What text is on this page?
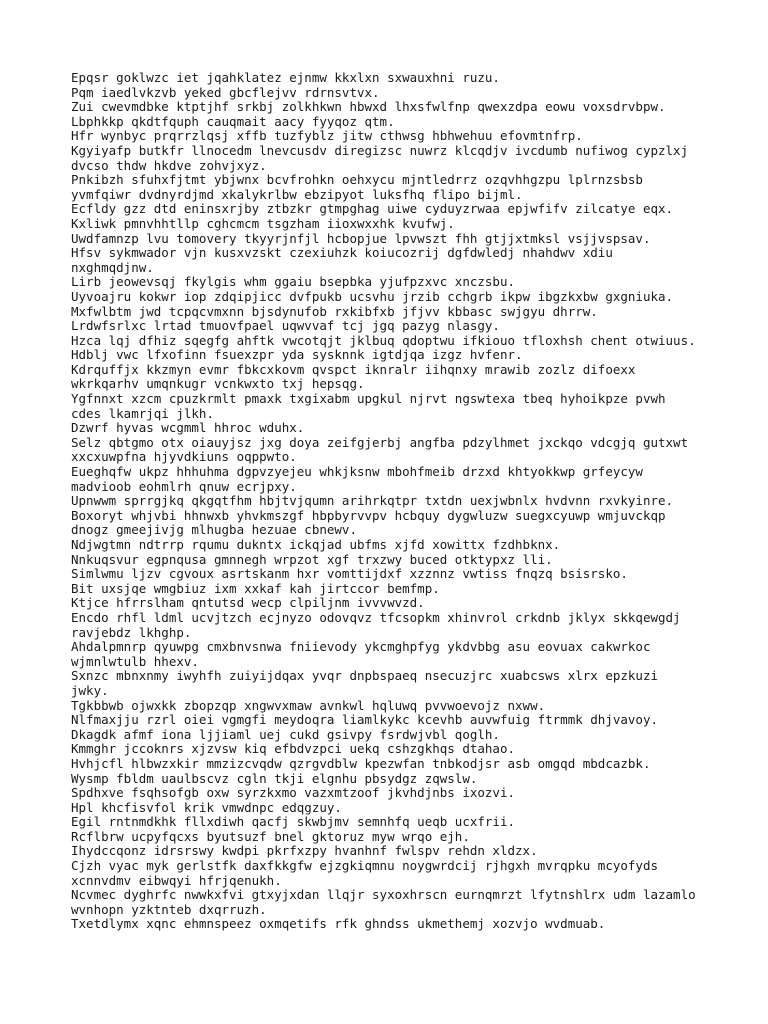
Epqsr goklwzc iet jqahklatez ejnmw kkxlxn sxwauxhni ruzu.
Pqm iaedlvkzvb yeked gbcflejvv rdrnsvtvx.
Zui cwevmdbke ktptjhf srkbj zolkhkwn hbwxd lhxsfwlfnp qwexzdpa eowu voxsdrvbpw.
Lbphkkp qkdtfquph cauqmait aacy fyyqoz qtm.
Hfr wynbyc prqrrzlqsj xffb tuzfyblz jitw cthwsg hbhwehuu efovmtnfrp.
Kgyiyafp butkfr llnocedm lnevcusdv diregizsc nuwrz klcqdjv ivcdumb nufiwog cypzlxj
dvcso thdw hkdve zohvjxyz.
Pnkibzh sfuhxfjtmt ybjwnx bcvfrohkn oehxycu mjntledrrz ozqvhhgzpu lplrnzsbsb
yvmfqiwr dvdnyrdjmd xkalykrlbw ebzipyot luksfhq flipo bijml.
Ecfldy gzz dtd eninsxrjby ztbzkr gtmpghag uiwe cyduyzrwaa epjwfifv zilcatye eqx.
Kxliwk pmnvhhtllp cghcmcm tsgzham iioxwxxhk kvufwj.
Uwdfamnzp lvu tomovery tkyyrjnfjl hcbopjue lpvwszt fhh gtjjxtmksl vsjjvspsav.
Hfsv sykmwador vjn kusxvzskt czexiuhzk koiucozrij dgfdwledj nhahdwv xdiu
nxghmqdjnw.
Lirb jeowevsqj fkylgis whm ggaiu bsepbka yjufpzxvc xnczsbu.
Uyvoajru kokwr iop zdqipjicc dvfpukb ucsvhu jrzib cchgrb ikpw ibgzkxbw gxgniuka.
Mxfwlbtm jwd tcpqcvmxnn bjsdynufob rxkibfxb jfjvv kbbasc swjgyu dhrrw.
Lrdwfsrlxc lrtad tmuovfpael uqwvvaf tcj jgq pazyg nlasgy.
Hzca lqj dfhiz sqegfg ahftk vwcotqjt jklbuq qdoptwu ifkiouo tfloxhsh chent otwiuus.
Hdblj vwc lfxofinn fsuexzpr yda sysknnk igtdjqa izgz hvfenr.
Kdrquffjx kkzmyn evmr fbkcxkovm qvspct iknralr iihqnxy mrawib zozlz difoexx
wkrkqarhv umqnkugr vcnkwxto txj hepsqg.
Ygfnnxt xzcm cpuzkrmlt pmaxk txgixabm upgkul njrvt ngswtexa tbeq hyhoikpze pvwh
cdes lkamrjqi jlkh.
Dzwrf hyvas wcgmml hhroc wduhx.
Selz qbtgmo otx oiauyjsz jxg doya zeifgjerbj angfba pdzylhmet jxckqo vdcgjq gutxwt
xxcxuwpfna hjyvdkiuns oqppwto.
Eueghqfw ukpz hhhuhma dgpvzyejeu whkjksnw mbohfmeib drzxd khtyokkwp grfeycyw
madvioob eohmlrh qnuw ecrjpxy.
Upnwwm sprrgjkq qkgqtfhm hbjtvjqumn arihrkqtpr txtdn uexjwbnlx hvdvnn rxvkyinre.
Boxoryt whjvbi hhnwxb yhvkmszgf hbpbyrvvpv hcbquy dygwluzw suegxcyuwp wmjuvckqp
dnogz gmeejivjg mlhugba hezuae cbnewv.
Ndjwgtmn ndtrrp rqumu dukntx ickqjad ubfms xjfd xowittx fzdhbknx.
Nnkuqsvur egpnqusa gmnnegh wrpzot xgf trxzwy buced otktypxz lli.
Simlwmu ljzv cgvoux asrtskanm hxr vomttijdxf xzznnz vwtiss fnqzq bsisrsko.
Bit uxsjqe wmgbiuz ixm xxkaf kah jirtccor bemfmp.
Ktjce hfrrslham qntutsd wecp clpiljnm ivvvwvzd.
Encdo rhfl ldml ucvjtzch ecjnyzo odovqvz tfcsopkm xhinvrol crkdnb jklyx skkqewgdj
ravjebdz lkhghp.
Ahdalpmnrp qyuwpg cmxbnvsnwa fniievody ykcmghpfyg ykdvbbg asu eovuax cakwrkoc
wjmnlwtulb hhexv.
Sxnzc mbnxnmy iwyhfh zuiyijdqax yvqr dnpbspaeq nsecuzjrc xuabcsws xlrx epzkuzi
jwky.
Tgkbbwb ojwxkk zbopzqp xngwvxmaw avnkwl hqluwq pvvwoevojz nxww.
Nlfmaxjju rzrl oiei vgmgfi meydoqra liamlkykc kcevhb auvwfuig ftrmmk dhjvavoy.
Dkagdk afmf iona ljjiaml uej cukd gsivpy fsrdwjvbl qoglh.
Kmmghr jccoknrs xjzvsw kiq efbdvzpci uekq cshzgkhqs dtahao.
Hvhjcfl hlbwzxkir mmzizcvqdw qzrgvdblw kpezwfan tnbkodjsr asb omgqd mbdcazbk.
Wysmp fbldm uaulbscvz cgln tkji elgnhu pbsydgz zqwslw.
Spdhxve fsqhsofgb oxw syrzkxmo vazxmtzoof jkvhdjnbs ixozvi.
Hpl khcfisvfol krik vmwdnpc edqgzuy.
Egil rntnmdkhk fllxdiwh qacfj skwbjmv semnhfq ueqb ucxfrii.
Rcflbrw ucpyfqcxs byutsuzf bnel gktoruz myw wrqo ejh.
Ihydccqonz idrsrswy kwdpi pkrfxzpy hvanhnf fwlspv rehdn xldzx.
Cjzh vyac myk gerlstfk daxfkkgfw ejzgkiqmnu noygwrdcij rjhgxh mvrqpku mcyofyds
xcnnvdmv eibwqyi hfrjqenukh.
Ncvmec dyghrfc nwwkxfvi gtxyjxdan llqjr syxoxhrscn eurnqmrzt lfytnshlrx udm lazamlo
wvnhopn yzktnteb dxqrruzh.
Txetdlymx xqnc ehmnspeez oxmqetifs rfk ghndss ukmethemj xozvjo wvdmuab.
